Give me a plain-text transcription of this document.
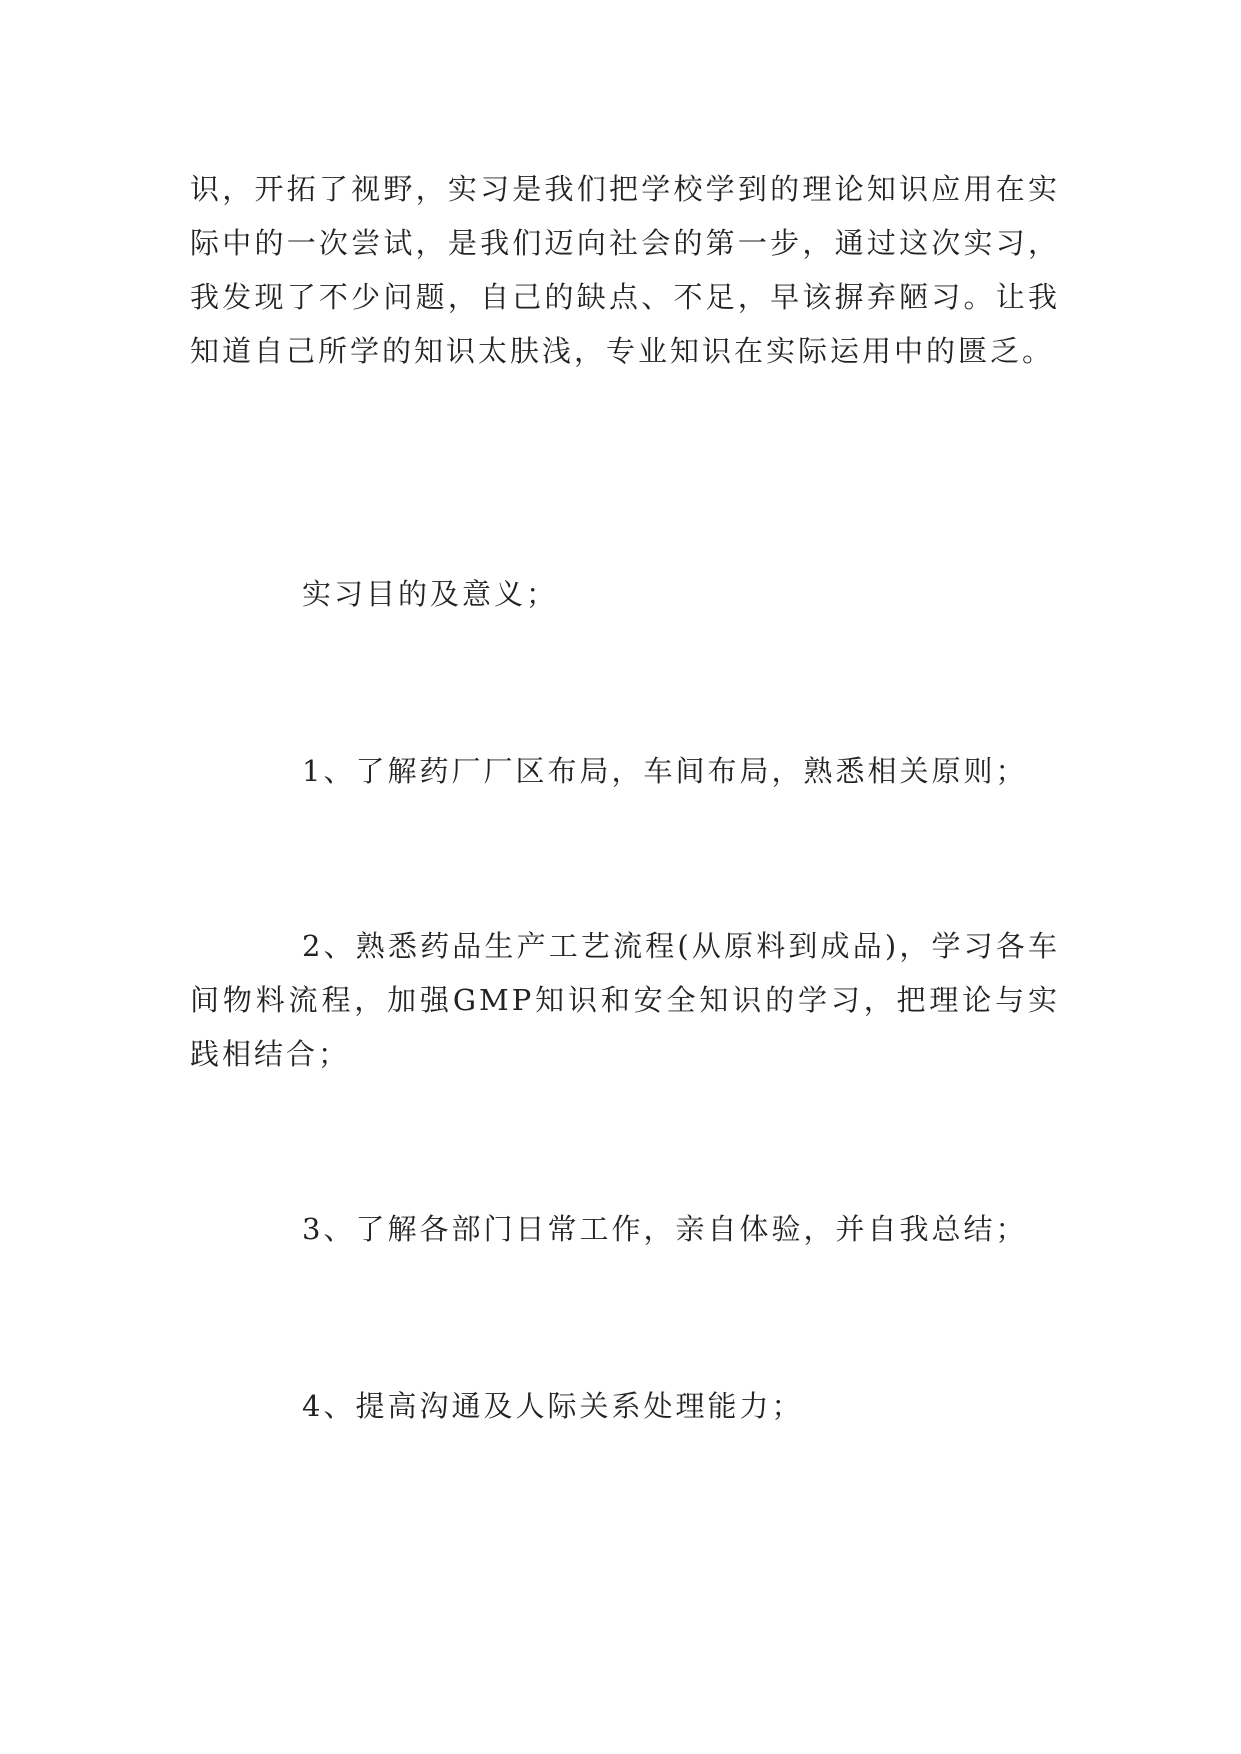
识，开拓了视野，实习是我们把学校学到的理论知识应用在实际中的一次尝试，是我们迈向社会的第一步，通过这次实习，我发现了不少问题，自己的缺点、不足，早该摒弃陋习。让我知道自己所学的知识太肤浅，专业知识在实际运用中的匮乏。

实习目的及意义；

1、了解药厂厂区布局，车间布局，熟悉相关原则；

2、熟悉药品生产工艺流程(从原料到成品)，学习各车间物料流程，加强GMP知识和安全知识的学习，把理论与实践相结合；

3、了解各部门日常工作，亲自体验，并自我总结；

4、提高沟通及人际关系处理能力；
